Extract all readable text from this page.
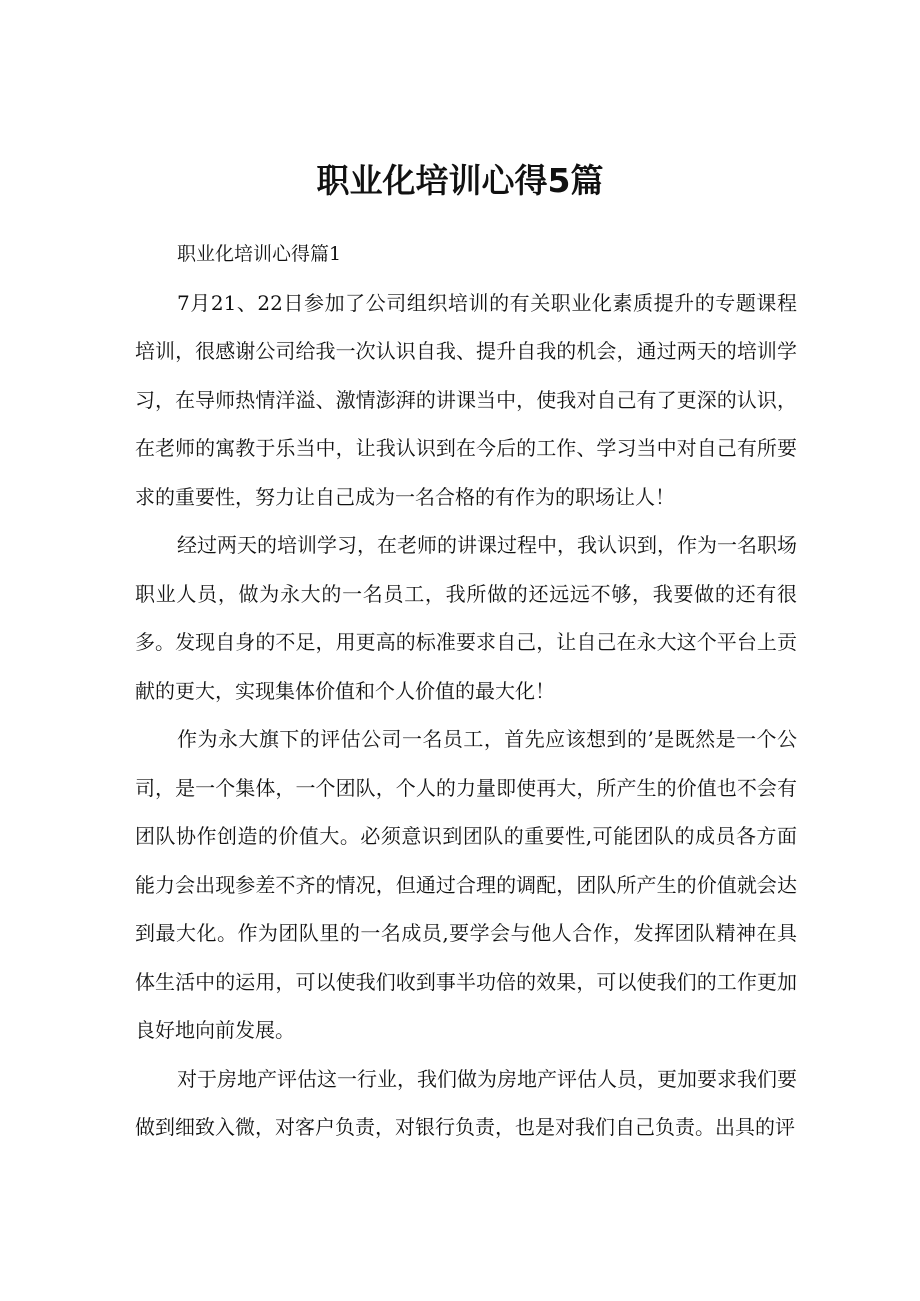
职业化培训心得5篇

职业化培训心得篇1

7月21、22日参加了公司组织培训的有关职业化素质提升的专题课程培训，很感谢公司给我一次认识自我、提升自我的机会，通过两天的培训学习，在导师热情洋溢、激情澎湃的讲课当中，使我对自己有了更深的认识，在老师的寓教于乐当中，让我认识到在今后的工作、学习当中对自己有所要求的重要性，努力让自己成为一名合格的有作为的职场让人！

经过两天的培训学习，在老师的讲课过程中，我认识到，作为一名职场职业人员，做为永大的一名员工，我所做的还远远不够，我要做的还有很多。发现自身的不足，用更高的标准要求自己，让自己在永大这个平台上贡献的更大，实现集体价值和个人价值的最大化！

作为永大旗下的评估公司一名员工，首先应该想到的’是既然是一个公司，是一个集体，一个团队，个人的力量即使再大，所产生的价值也不会有团队协作创造的价值大。必须意识到团队的重要性,可能团队的成员各方面能力会出现参差不齐的情况，但通过合理的调配，团队所产生的价值就会达到最大化。作为团队里的一名成员,要学会与他人合作，发挥团队精神在具体生活中的运用，可以使我们收到事半功倍的效果，可以使我们的工作更加良好地向前发展。

对于房地产评估这一行业，我们做为房地产评估人员，更加要求我们要做到细致入微，对客户负责，对银行负责，也是对我们自己负责。出具的评
